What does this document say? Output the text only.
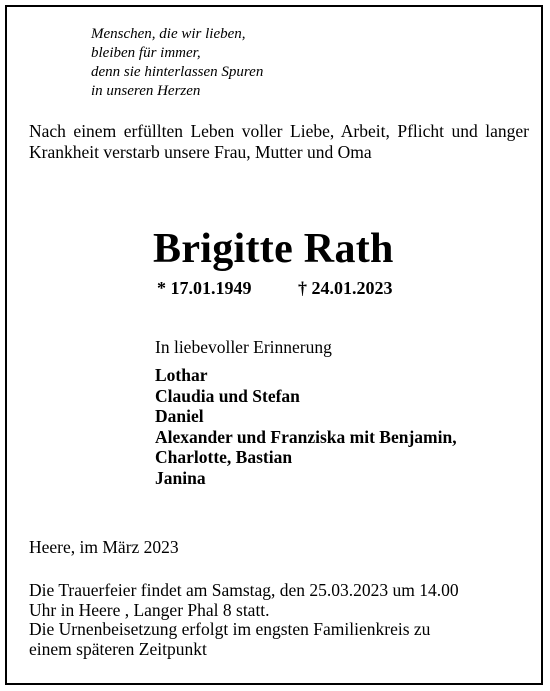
Menschen, die wir lieben,
bleiben für immer,
denn sie hinterlassen Spuren
in unseren Herzen
Nach einem erfüllten Leben voller Liebe, Arbeit, Pflicht und langer Krankheit verstarb unsere Frau, Mutter und Oma
Brigitte Rath
* 17.01.1949	† 24.01.2023
In liebevoller Erinnerung
Lothar
Claudia und Stefan
Daniel
Alexander und Franziska mit Benjamin,
Charlotte, Bastian
Janina
Heere, im März 2023
Die Trauerfeier findet am Samstag, den 25.03.2023 um 14.00
Uhr in Heere , Langer Phal 8 statt.
Die Urnenbeisetzung erfolgt im engsten Familienkreis zu
einem späteren Zeitpunkt
